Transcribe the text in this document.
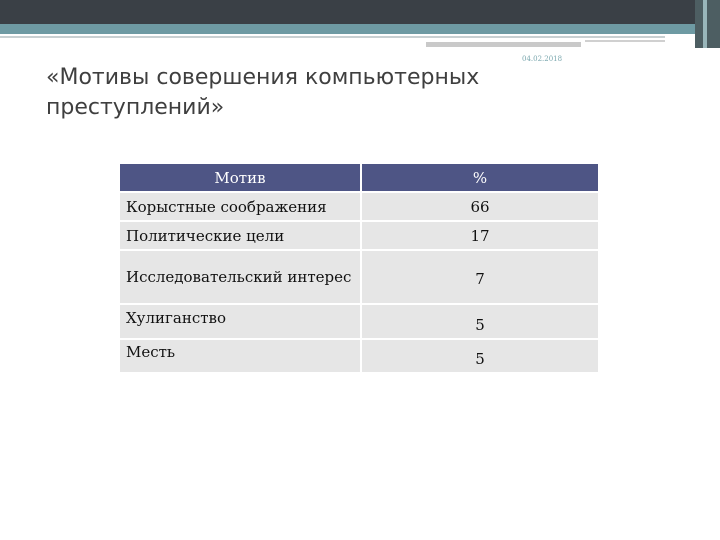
04.02.2018
«Мотивы совершения компьютерных преступлений»
Мотив	%
Корыстные соображения	66
Политические цели	17
Исследовательский интерес	7
Хулиганство	5
Месть	5
